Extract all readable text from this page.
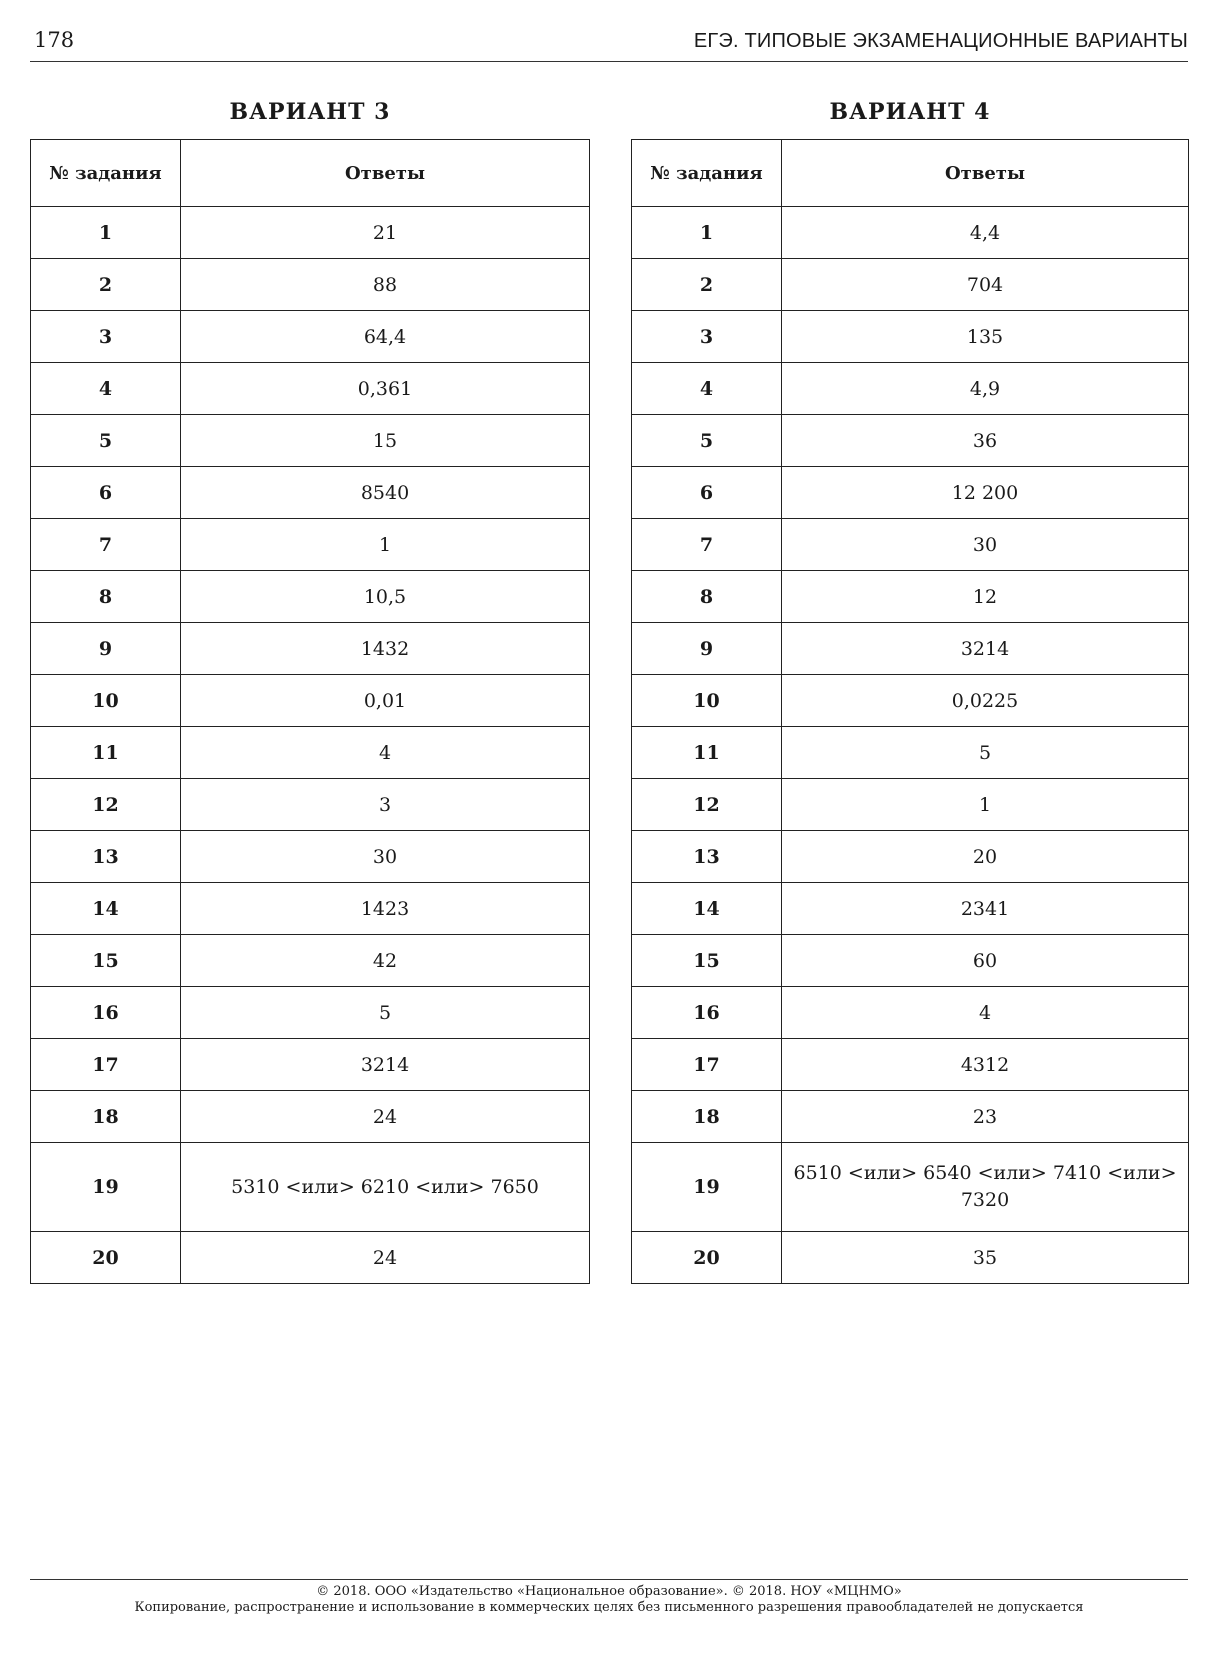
178	ЕГЭ. ТИПОВЫЕ ЭКЗАМЕНАЦИОННЫЕ ВАРИАНТЫ
ВАРИАНТ 3
№ задания	Ответы
1	21
2	88
3	64,4
4	0,361
5	15
6	8540
7	1
8	10,5
9	1432
10	0,01
11	4
12	3
13	30
14	1423
15	42
16	5
17	3214
18	24
19	5310 <или> 6210 <или> 7650
20	24
ВАРИАНТ 4
№ задания	Ответы
1	4,4
2	704
3	135
4	4,9
5	36
6	12 200
7	30
8	12
9	3214
10	0,0225
11	5
12	1
13	20
14	2341
15	60
16	4
17	4312
18	23
19	6510 <или> 6540 <или> 7410 <или> 7320
20	35
© 2018. ООО «Издательство «Национальное образование». © 2018. НОУ «МЦНМО»
Копирование, распространение и использование в коммерческих целях без письменного разрешения правообладателей не допускается
